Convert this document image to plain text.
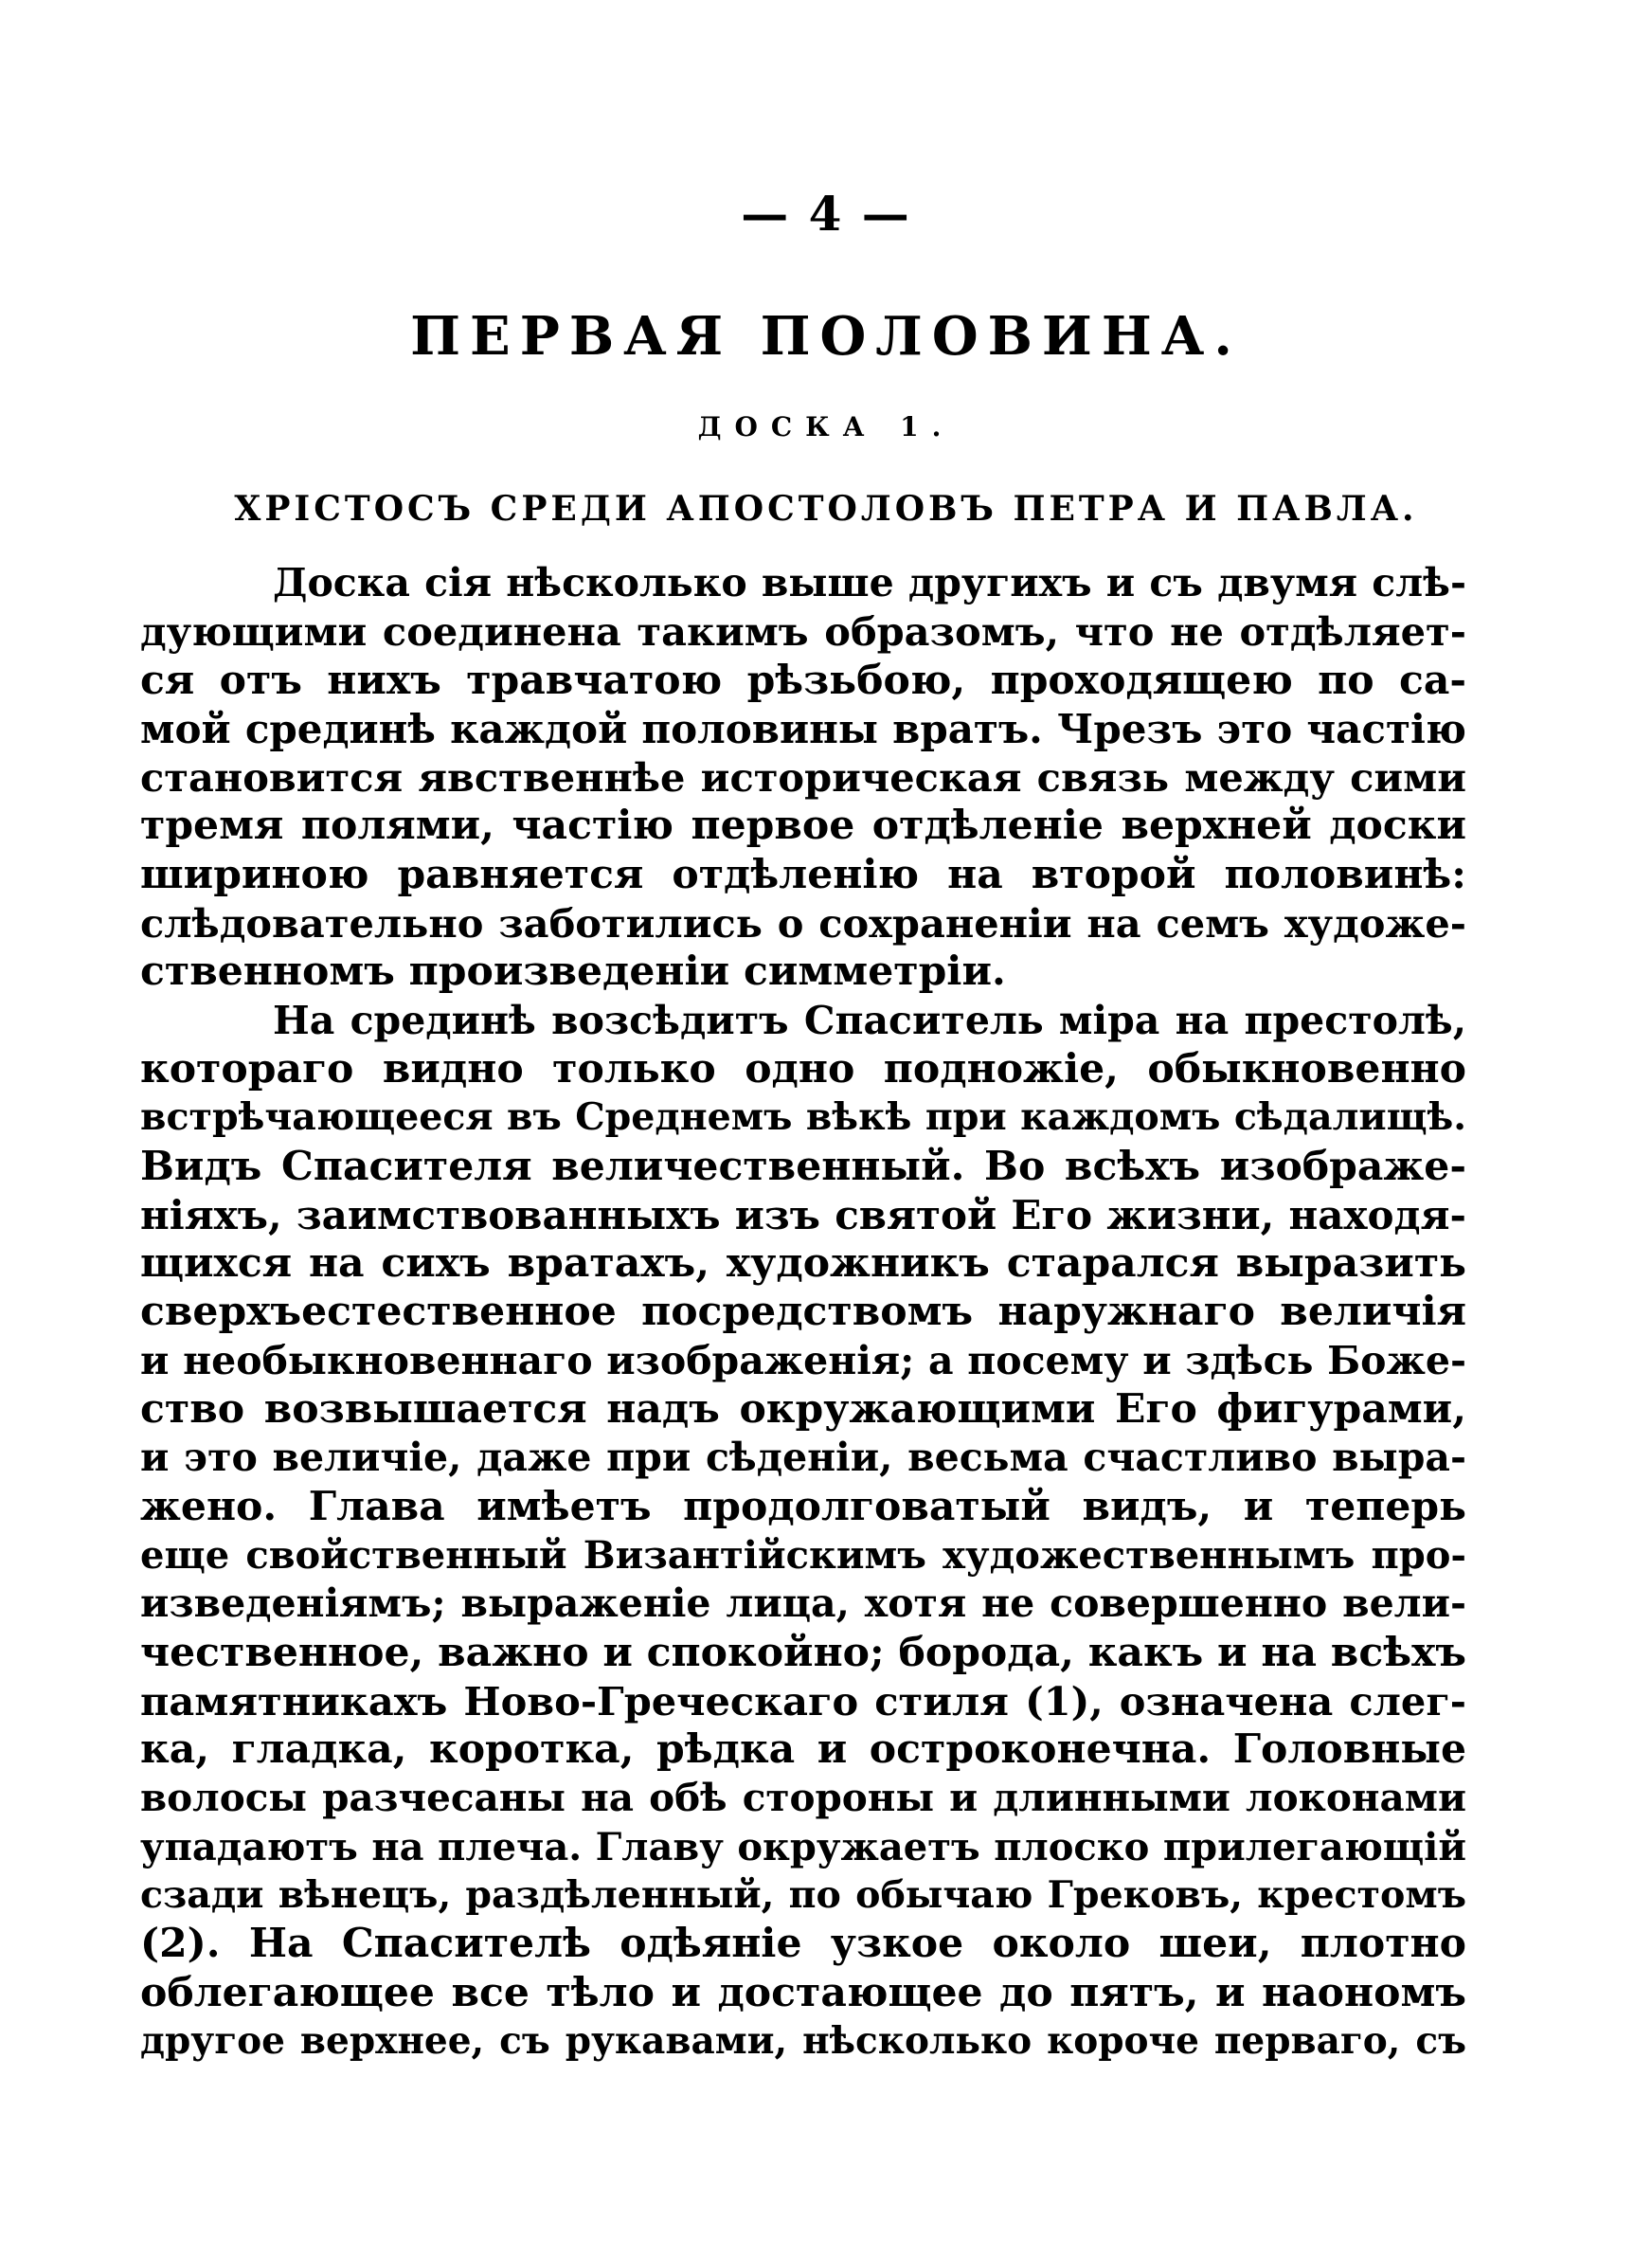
— 4 —
ПЕРВАЯ ПОЛОВИНА.
ДОСКА 1.
ХРІСТОСЪ СРЕДИ АПОСТОЛОВЪ ПЕТРА И ПАВЛА.
Доска сія нѣсколько выше другихъ и съ двумя слѣ-
дующими соединена такимъ образомъ, что не отдѣляет-
ся отъ нихъ травчатою рѣзьбою, проходящею по са-
мой срединѣ каждой половины вратъ. Чрезъ это частію
становится явственнѣе историческая связь между сими
тремя полями, частію первое отдѣленіе верхней доски
шириною равняется отдѣленію на второй половинѣ:
слѣдовательно заботились о сохраненіи на семъ художе-
ственномъ произведеніи симметріи.
На срединѣ возсѣдитъ Спаситель міра на престолѣ,
котораго видно только одно подножіе, обыкновенно
встрѣчающееся въ Среднемъ вѣкѣ при каждомъ сѣдалищѣ.
Видъ Спасителя величественный. Во всѣхъ изображе-
ніяхъ, заимствованныхъ изъ святой Его жизни, находя-
щихся на сихъ вратахъ, художникъ старался выразить
сверхъестественное посредствомъ наружнаго величія
и необыкновеннаго изображенія; а посему и здѣсь Боже-
ство возвышается надъ окружающими Его фигурами,
и это величіе, даже при сѣденіи, весьма счастливо выра-
жено. Глава имѣетъ продолговатый видъ, и теперь
еще свойственный Византійскимъ художественнымъ про-
изведеніямъ; выраженіе лица, хотя не совершенно вели-
чественное, важно и спокойно; борода, какъ и на всѣхъ
памятникахъ Ново-Греческаго стиля (1), означена слег-
ка, гладка, коротка, рѣдка и остроконечна. Головные
волосы разчесаны на обѣ стороны и длинными локонами
упадаютъ на плеча. Главу окружаетъ плоско прилегающій
сзади вѣнецъ, раздѣленный, по обычаю Грековъ, крестомъ
(2). На Спасителѣ одѣяніе узкое около шеи, плотно
облегающее все тѣло и достающее до пятъ, и наономъ
другое верхнее, съ рукавами, нѣсколько короче перваго, съ
